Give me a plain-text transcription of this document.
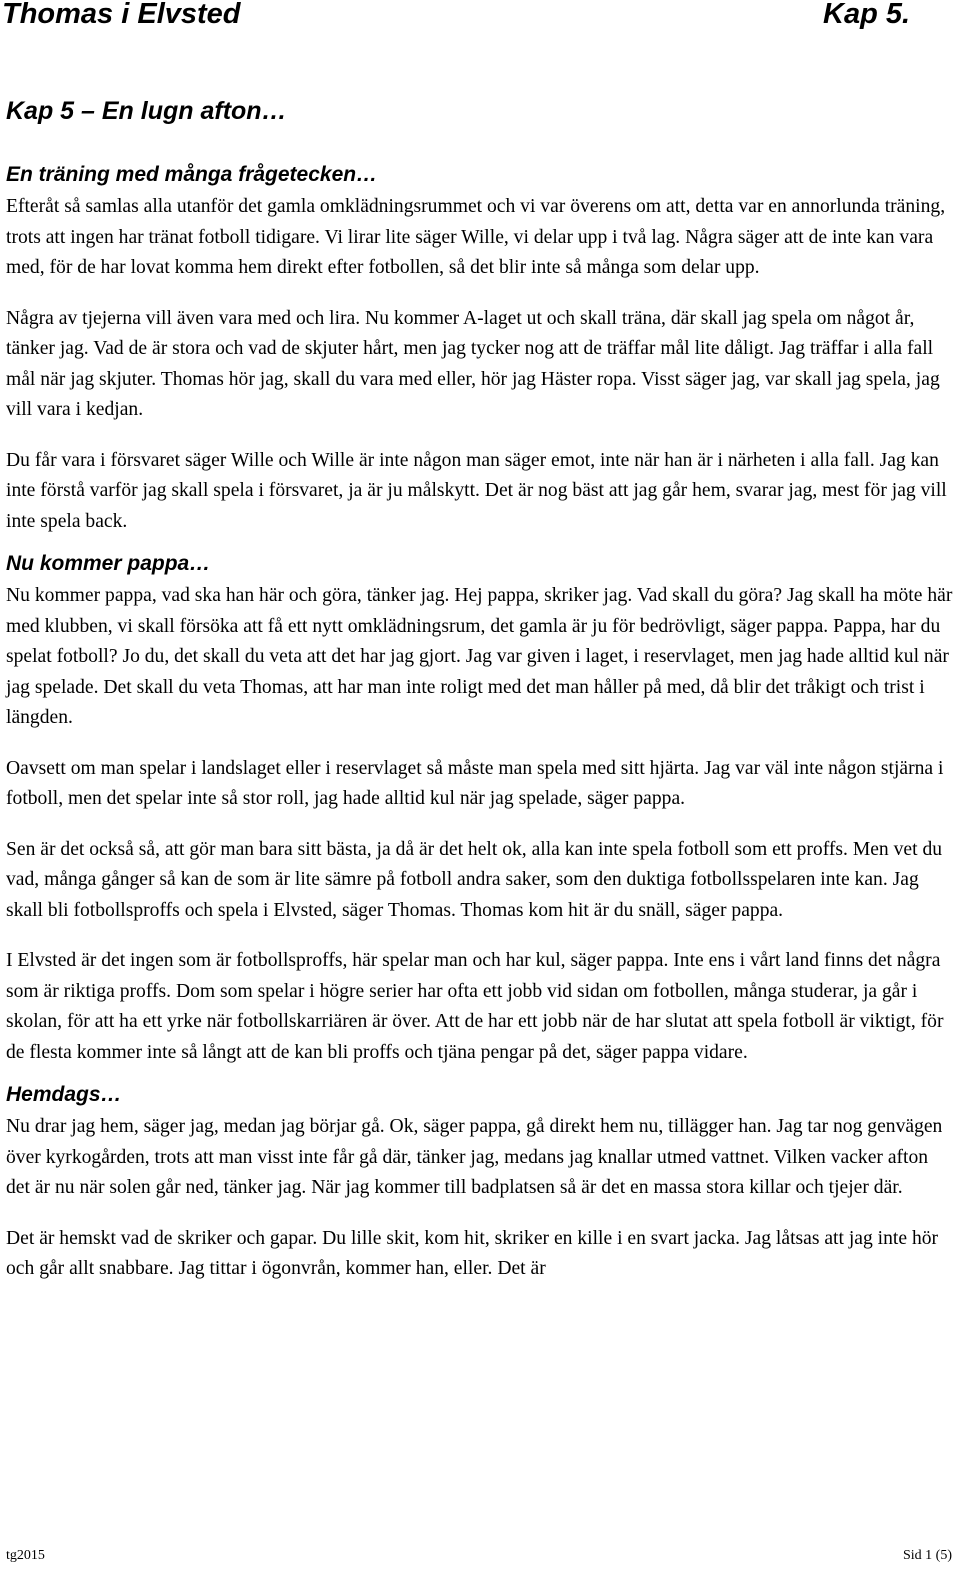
Thomas i Elvsted	Kap 5.
Kap 5 – En lugn afton…
En träning med många frågetecken…

Efteråt så samlas alla utanför det gamla omklädningsrummet och vi var överens om att, detta var en annorlunda träning, trots att ingen har tränat fotboll tidigare. Vi lirar lite säger Wille, vi delar upp i två lag. Några säger att de inte kan vara med, för de har lovat komma hem direkt efter fotbollen, så det blir inte så många som delar upp.

Några av tjejerna vill även vara med och lira. Nu kommer A-laget ut och skall träna, där skall jag spela om något år, tänker jag. Vad de är stora och vad de skjuter hårt, men jag tycker nog att de träffar mål lite dåligt. Jag träffar i alla fall mål när jag skjuter. Thomas hör jag, skall du vara med eller, hör jag Häster ropa. Visst säger jag, var skall jag spela, jag vill vara i kedjan.

Du får vara i försvaret säger Wille och Wille är inte någon man säger emot, inte när han är i närheten i alla fall. Jag kan inte förstå varför jag skall spela i försvaret, ja är ju målskytt. Det är nog bäst att jag går hem, svarar jag, mest för jag vill inte spela back.

Nu kommer pappa…

Nu kommer pappa, vad ska han här och göra, tänker jag. Hej pappa, skriker jag. Vad skall du göra? Jag skall ha möte här med klubben, vi skall försöka att få ett nytt omklädningsrum, det gamla är ju för bedrövligt, säger pappa. Pappa, har du spelat fotboll? Jo du, det skall du veta att det har jag gjort. Jag var given i laget, i reservlaget, men jag hade alltid kul när jag spelade. Det skall du veta Thomas, att har man inte roligt med det man håller på med, då blir det tråkigt och trist i längden.

Oavsett om man spelar i landslaget eller i reservlaget så måste man spela med sitt hjärta. Jag var väl inte någon stjärna i fotboll, men det spelar inte så stor roll, jag hade alltid kul när jag spelade, säger pappa.

Sen är det också så, att gör man bara sitt bästa, ja då är det helt ok, alla kan inte spela fotboll som ett proffs. Men vet du vad, många gånger så kan de som är lite sämre på fotboll andra saker, som den duktiga fotbollsspelaren inte kan. Jag skall bli fotbollsproffs och spela i Elvsted, säger Thomas. Thomas kom hit är du snäll, säger pappa.

I Elvsted är det ingen som är fotbollsproffs, här spelar man och har kul, säger pappa. Inte ens i vårt land finns det några som är riktiga proffs. Dom som spelar i högre serier har ofta ett jobb vid sidan om fotbollen, många studerar, ja går i skolan, för att ha ett yrke när fotbollskarriären är över. Att de har ett jobb när de har slutat att spela fotboll är viktigt, för de flesta kommer inte så långt att de kan bli proffs och tjäna pengar på det, säger pappa vidare.

Hemdags…

Nu drar jag hem, säger jag, medan jag börjar gå. Ok, säger pappa, gå direkt hem nu, tillägger han. Jag tar nog genvägen över kyrkogården, trots att man visst inte får gå där, tänker jag, medans jag knallar utmed vattnet. Vilken vacker afton det är nu när solen går ned, tänker jag. När jag kommer till badplatsen så är det en massa stora killar och tjejer där.

Det är hemskt vad de skriker och gapar. Du lille skit, kom hit, skriker en kille i en svart jacka. Jag låtsas att jag inte hör och går allt snabbare. Jag tittar i ögonvrån, kommer han, eller. Det är

tg2015	Sid 1 (5)
